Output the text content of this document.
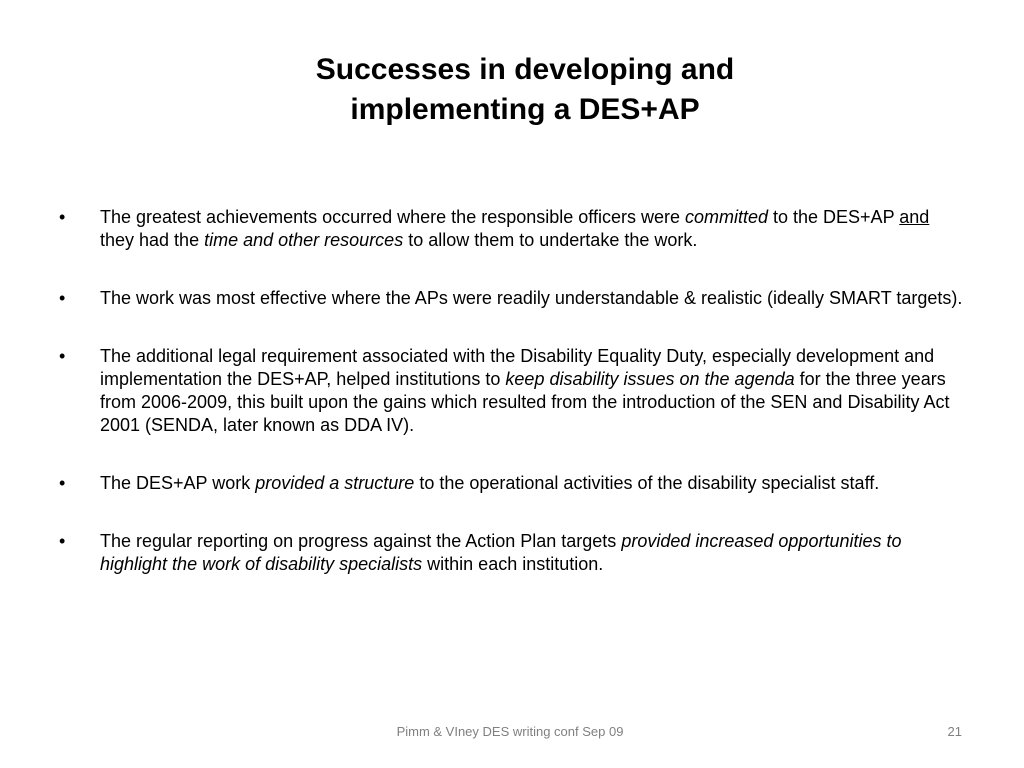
Successes in developing and
implementing a DES+AP
• The greatest achievements occurred where the responsible officers were committed to the DES+AP and they had the time and other resources to allow them to undertake the work.
• The work was most effective where the APs were readily understandable & realistic (ideally SMART targets).
• The additional legal requirement associated with the Disability Equality Duty, especially development and implementation the DES+AP, helped institutions to keep disability issues on the agenda for the three years from 2006-2009, this built upon the gains which resulted from the introduction of the SEN and Disability Act 2001 (SENDA, later known as DDA IV).
• The DES+AP work provided a structure to the operational activities of the disability specialist staff.
• The regular reporting on progress against the Action Plan targets provided increased opportunities to highlight the work of disability specialists within each institution.
Pimm & VIney DES writing conf Sep 09	21
